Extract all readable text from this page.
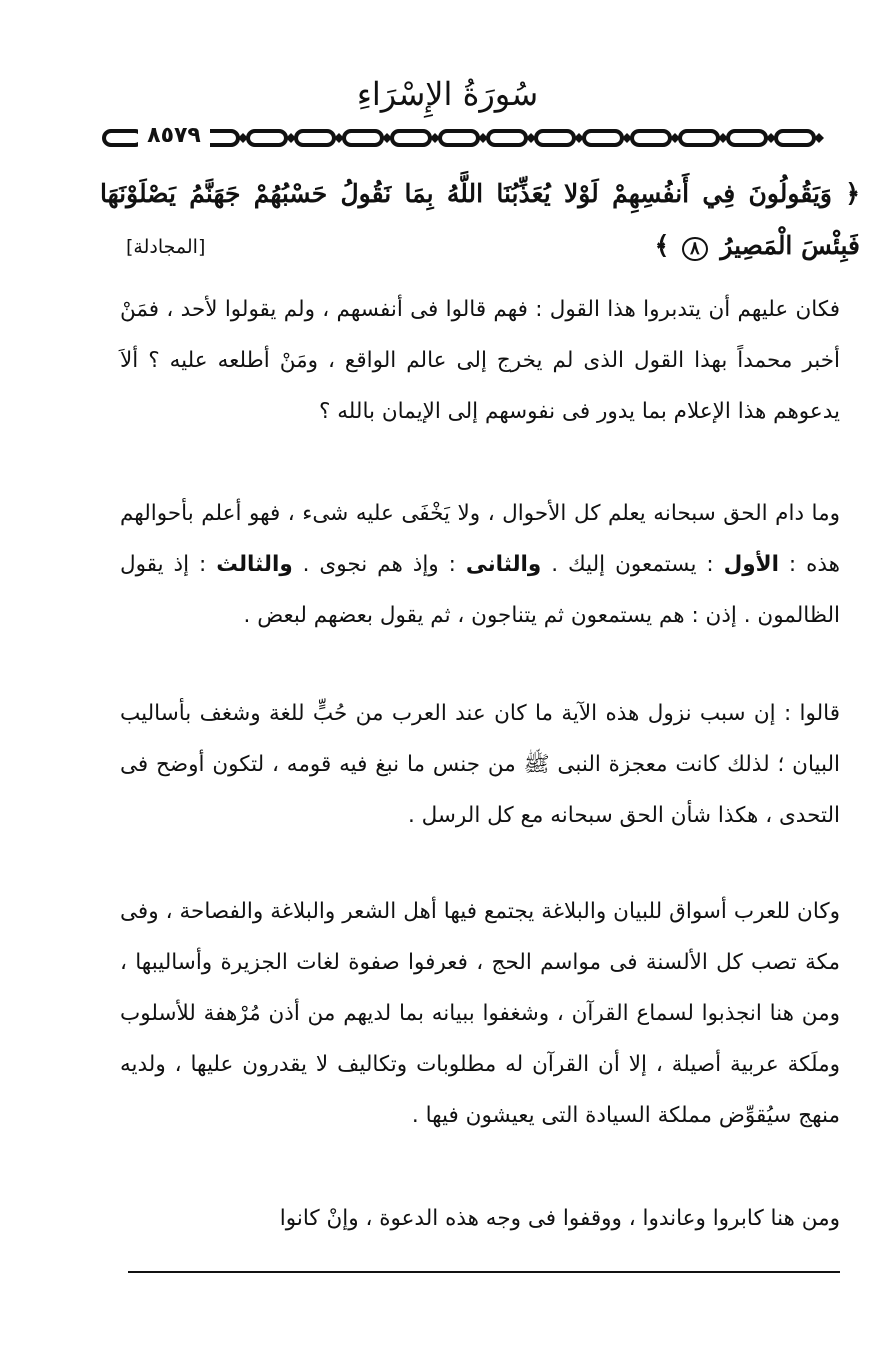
سُورَةُ الإِسْرَاءِ
٨٥٧٩
﴿ وَيَقُولُونَ فِي أَنفُسِهِمْ لَوْلا يُعَذِّبُنَا اللَّهُ بِمَا نَقُولُ حَسْبُهُمْ جَهَنَّمُ يَصْلَوْنَهَا فَبِئْسَ الْمَصِيرُ ٨ ﴾
[المجادلة]

فكان عليهم أن يتدبروا هذا القول : فهم قالوا فى أنفسهم ، ولم يقولوا لأحد ، فمَنْ أخبر محمداً بهذا القول الذى لم يخرج إلى عالم الواقع ، ومَنْ أطلعه عليه ؟ ألاَ يدعوهم هذا الإعلام بما يدور فى نفوسهم إلى الإيمان بالله ؟

وما دام الحق سبحانه يعلم كل الأحوال ، ولا يَخْفَى عليه شىء ، فهو أعلم بأحوالهم هذه : الأول : يستمعون إليك . والثانى : وإذ هم نجوى . والثالث : إذ يقول الظالمون . إذن : هم يستمعون ثم يتناجون ، ثم يقول بعضهم لبعض .

قالوا : إن سبب نزول هذه الآية ما كان عند العرب من حُبٍّ للغة وشغف بأساليب البيان ؛ لذلك كانت معجزة النبى ﷺ من جنس ما نبغ فيه قومه ، لتكون أوضح فى التحدى ، هكذا شأن الحق سبحانه مع كل الرسل .

وكان للعرب أسواق للبيان والبلاغة يجتمع فيها أهل الشعر والبلاغة والفصاحة ، وفى مكة تصب كل الألسنة فى مواسم الحج ، فعرفوا صفوة لغات الجزيرة وأساليبها ، ومن هنا انجذبوا لسماع القرآن ، وشغفوا ببيانه بما لديهم من أذن مُرْهفة للأسلوب وملَكة عربية أصيلة ، إلا أن القرآن له مطلوبات وتكاليف لا يقدرون عليها ، ولديه منهج سيُقوِّض مملكة السيادة التى يعيشون فيها .

ومن هنا كابروا وعاندوا ، ووقفوا فى وجه هذه الدعوة ، وإنْ كانوا
